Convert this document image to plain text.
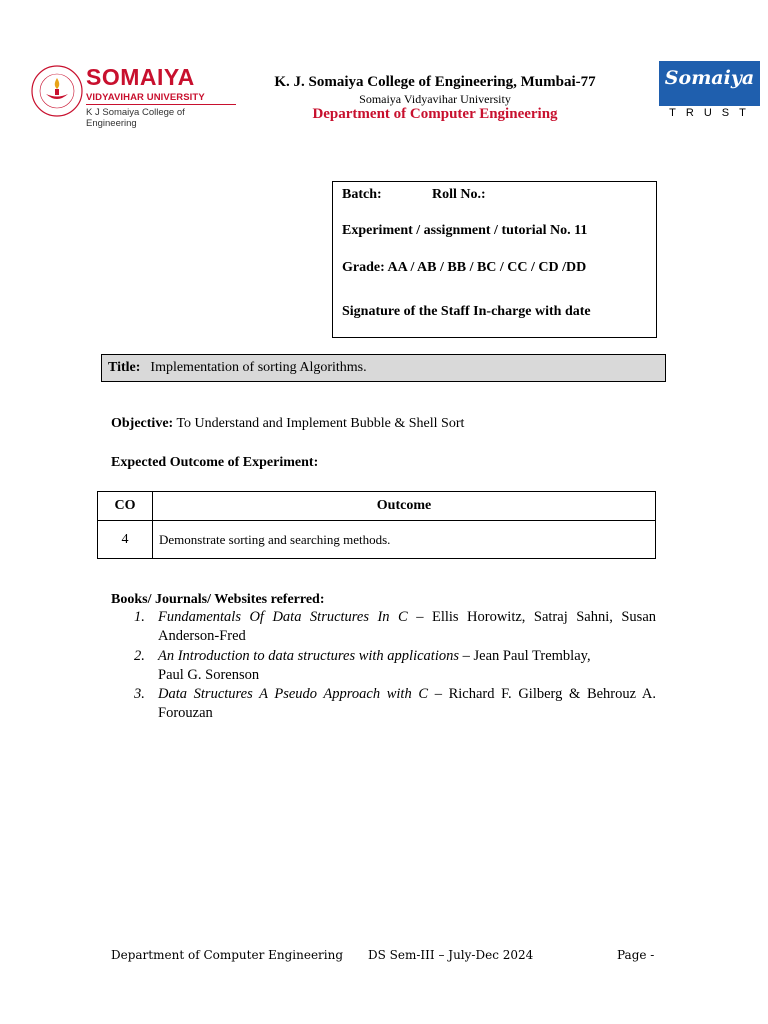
SOMAIYA
VIDYAVIHAR UNIVERSITY
K J Somaiya College of Engineering
K. J. Somaiya College of Engineering, Mumbai-77
Somaiya Vidyavihar University
Department of Computer Engineering
Somaiya
TRUST
Batch:	Roll No.:
Experiment / assignment / tutorial No. 11
Grade: AA / AB / BB / BC / CC / CD /DD
Signature of the Staff In-charge with date
Title: Implementation of sorting Algorithms.
Objective: To Understand and Implement Bubble & Shell Sort
Expected Outcome of Experiment:
CO	Outcome
4	Demonstrate sorting and searching methods.
Books/ Journals/ Websites referred:
1. Fundamentals Of Data Structures In C – Ellis Horowitz, Satraj Sahni, Susan
Anderson-Fred
2. An Introduction to data structures with applications – Jean Paul Tremblay,
Paul G. Sorenson
3. Data Structures A Pseudo Approach with C – Richard F. Gilberg & Behrouz A.
Forouzan
Department of Computer Engineering DS Sem-III – July-Dec 2024	Page -
